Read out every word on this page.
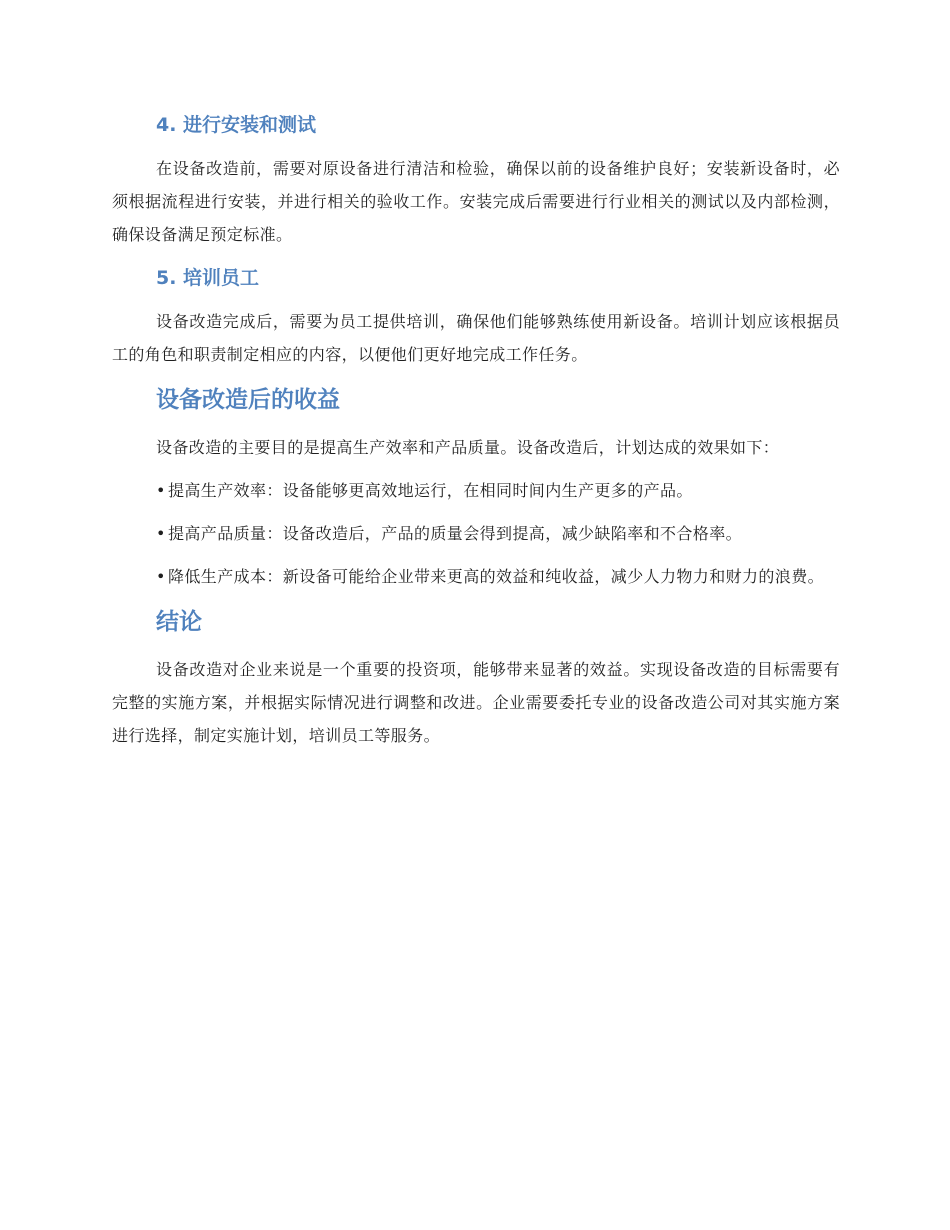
4. 进行安装和测试

在设备改造前，需要对原设备进行清洁和检验，确保以前的设备维护良好；安装新设备时，必须根据流程进行安装，并进行相关的验收工作。安装完成后需要进行行业相关的测试以及内部检测，确保设备满足预定标准。

5. 培训员工

设备改造完成后，需要为员工提供培训，确保他们能够熟练使用新设备。培训计划应该根据员工的角色和职责制定相应的内容，以便他们更好地完成工作任务。

设备改造后的收益

设备改造的主要目的是提高生产效率和产品质量。设备改造后，计划达成的效果如下：

• 提高生产效率：设备能够更高效地运行，在相同时间内生产更多的产品。

• 提高产品质量：设备改造后，产品的质量会得到提高，减少缺陷率和不合格率。

• 降低生产成本：新设备可能给企业带来更高的效益和纯收益，减少人力物力和财力的浪费。

结论

设备改造对企业来说是一个重要的投资项，能够带来显著的效益。实现设备改造的目标需要有完整的实施方案，并根据实际情况进行调整和改进。企业需要委托专业的设备改造公司对其实施方案进行选择，制定实施计划，培训员工等服务。
